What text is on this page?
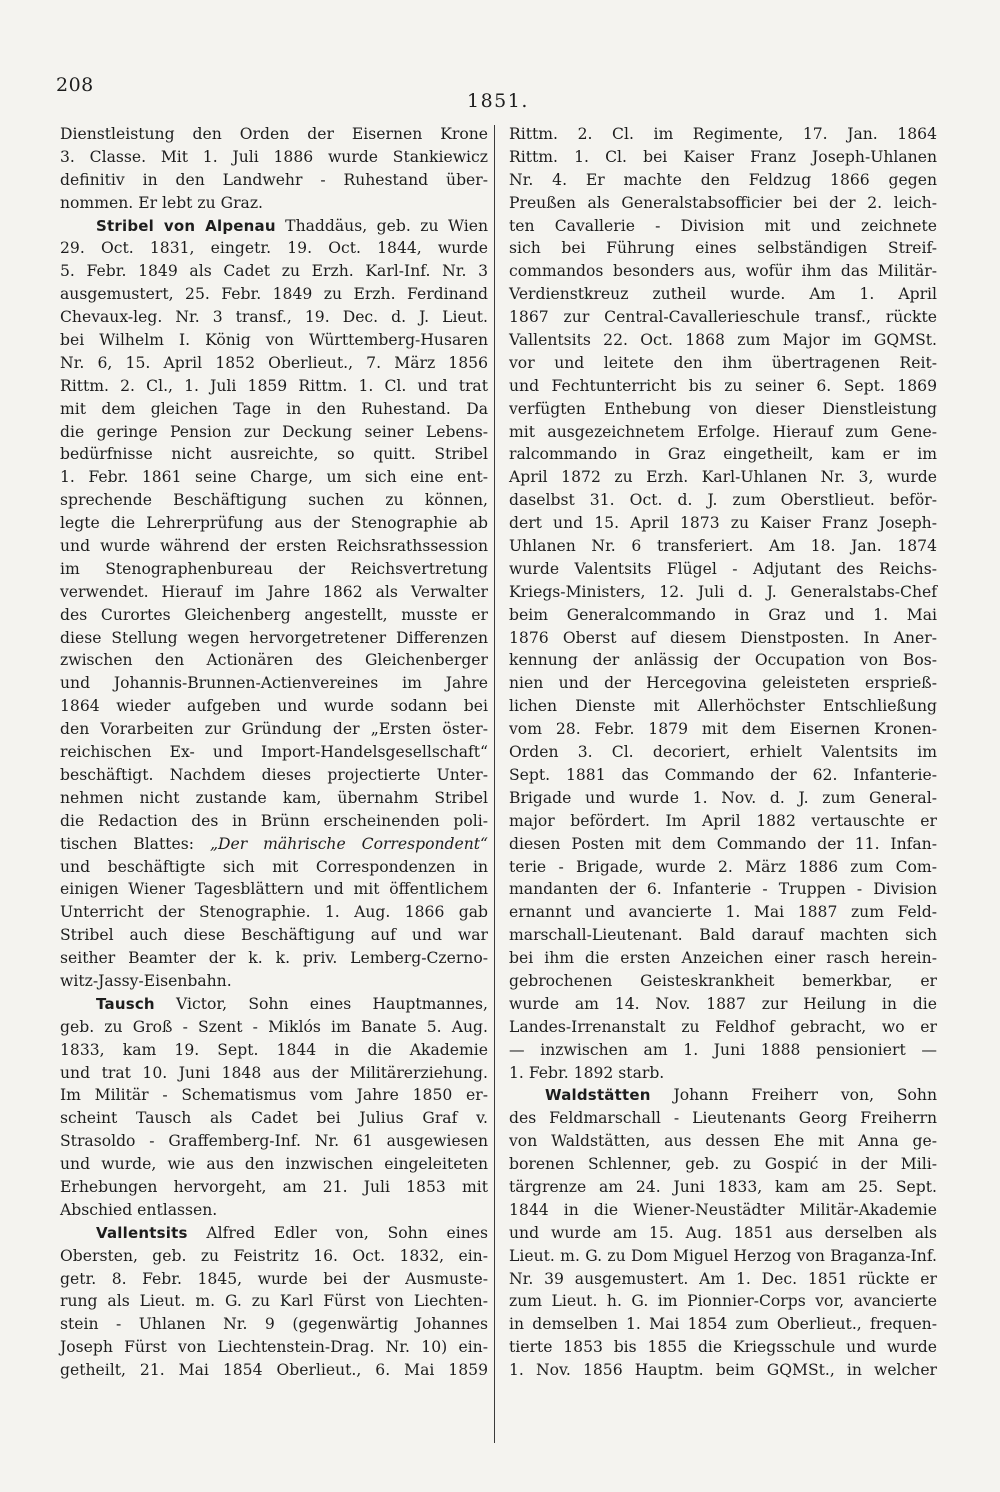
208
1851.
Dienstleistung den Orden der Eisernen Krone
3. Classe. Mit 1. Juli 1886 wurde Stankiewicz
definitiv in den Landwehr - Ruhestand über-
nommen. Er lebt zu Graz.
Stribel von Alpenau Thaddäus, geb. zu Wien
29. Oct. 1831, eingetr. 19. Oct. 1844, wurde
5. Febr. 1849 als Cadet zu Erzh. Karl-Inf. Nr. 3
ausgemustert, 25. Febr. 1849 zu Erzh. Ferdinand
Chevaux-leg. Nr. 3 transf., 19. Dec. d. J. Lieut.
bei Wilhelm I. König von Württemberg-Husaren
Nr. 6, 15. April 1852 Oberlieut., 7. März 1856
Rittm. 2. Cl., 1. Juli 1859 Rittm. 1. Cl. und trat
mit dem gleichen Tage in den Ruhestand. Da
die geringe Pension zur Deckung seiner Lebens-
bedürfnisse nicht ausreichte, so quitt. Stribel
1. Febr. 1861 seine Charge, um sich eine ent-
sprechende Beschäftigung suchen zu können,
legte die Lehrerprüfung aus der Stenographie ab
und wurde während der ersten Reichsrathssession
im Stenographenbureau der Reichsvertretung
verwendet. Hierauf im Jahre 1862 als Verwalter
des Curortes Gleichenberg angestellt, musste er
diese Stellung wegen hervorgetretener Differenzen
zwischen den Actionären des Gleichenberger
und Johannis-Brunnen-Actienvereines im Jahre
1864 wieder aufgeben und wurde sodann bei
den Vorarbeiten zur Gründung der „Ersten öster-
reichischen Ex- und Import-Handelsgesellschaft“
beschäftigt. Nachdem dieses projectierte Unter-
nehmen nicht zustande kam, übernahm Stribel
die Redaction des in Brünn erscheinenden poli-
tischen Blattes: „Der mährische Correspondent“
und beschäftigte sich mit Correspondenzen in
einigen Wiener Tagesblättern und mit öffentlichem
Unterricht der Stenographie. 1. Aug. 1866 gab
Stribel auch diese Beschäftigung auf und war
seither Beamter der k. k. priv. Lemberg-Czerno-
witz-Jassy-Eisenbahn.
Tausch Victor, Sohn eines Hauptmannes,
geb. zu Groß - Szent - Miklós im Banate 5. Aug.
1833, kam 19. Sept. 1844 in die Akademie
und trat 10. Juni 1848 aus der Militärerziehung.
Im Militär - Schematismus vom Jahre 1850 er-
scheint Tausch als Cadet bei Julius Graf v.
Strasoldo - Graffemberg-Inf. Nr. 61 ausgewiesen
und wurde, wie aus den inzwischen eingeleiteten
Erhebungen hervorgeht, am 21. Juli 1853 mit
Abschied entlassen.
Vallentsits Alfred Edler von, Sohn eines
Obersten, geb. zu Feistritz 16. Oct. 1832, ein-
getr. 8. Febr. 1845, wurde bei der Ausmuste-
rung als Lieut. m. G. zu Karl Fürst von Liechten-
stein - Uhlanen Nr. 9 (gegenwärtig Johannes
Joseph Fürst von Liechtenstein-Drag. Nr. 10) ein-
getheilt, 21. Mai 1854 Oberlieut., 6. Mai 1859
Rittm. 2. Cl. im Regimente, 17. Jan. 1864
Rittm. 1. Cl. bei Kaiser Franz Joseph-Uhlanen
Nr. 4. Er machte den Feldzug 1866 gegen
Preußen als Generalstabsofficier bei der 2. leich-
ten Cavallerie - Division mit und zeichnete
sich bei Führung eines selbständigen Streif-
commandos besonders aus, wofür ihm das Militär-
Verdienstkreuz zutheil wurde. Am 1. April
1867 zur Central-Cavallerieschule transf., rückte
Vallentsits 22. Oct. 1868 zum Major im GQMSt.
vor und leitete den ihm übertragenen Reit-
und Fechtunterricht bis zu seiner 6. Sept. 1869
verfügten Enthebung von dieser Dienstleistung
mit ausgezeichnetem Erfolge. Hierauf zum Gene-
ralcommando in Graz eingetheilt, kam er im
April 1872 zu Erzh. Karl-Uhlanen Nr. 3, wurde
daselbst 31. Oct. d. J. zum Oberstlieut. beför-
dert und 15. April 1873 zu Kaiser Franz Joseph-
Uhlanen Nr. 6 transferiert. Am 18. Jan. 1874
wurde Valentsits Flügel - Adjutant des Reichs-
Kriegs-Ministers, 12. Juli d. J. Generalstabs-Chef
beim Generalcommando in Graz und 1. Mai
1876 Oberst auf diesem Dienstposten. In Aner-
kennung der anlässig der Occupation von Bos-
nien und der Hercegovina geleisteten ersprieß-
lichen Dienste mit Allerhöchster Entschließung
vom 28. Febr. 1879 mit dem Eisernen Kronen-
Orden 3. Cl. decoriert, erhielt Valentsits im
Sept. 1881 das Commando der 62. Infanterie-
Brigade und wurde 1. Nov. d. J. zum General-
major befördert. Im April 1882 vertauschte er
diesen Posten mit dem Commando der 11. Infan-
terie - Brigade, wurde 2. März 1886 zum Com-
mandanten der 6. Infanterie - Truppen - Division
ernannt und avancierte 1. Mai 1887 zum Feld-
marschall-Lieutenant. Bald darauf machten sich
bei ihm die ersten Anzeichen einer rasch herein-
gebrochenen Geisteskrankheit bemerkbar, er
wurde am 14. Nov. 1887 zur Heilung in die
Landes-Irrenanstalt zu Feldhof gebracht, wo er
— inzwischen am 1. Juni 1888 pensioniert —
1. Febr. 1892 starb.
Waldstätten Johann Freiherr von, Sohn
des Feldmarschall - Lieutenants Georg Freiherrn
von Waldstätten, aus dessen Ehe mit Anna ge-
borenen Schlenner, geb. zu Gospić in der Mili-
tärgrenze am 24. Juni 1833, kam am 25. Sept.
1844 in die Wiener-Neustädter Militär-Akademie
und wurde am 15. Aug. 1851 aus derselben als
Lieut. m. G. zu Dom Miguel Herzog von Braganza-Inf.
Nr. 39 ausgemustert. Am 1. Dec. 1851 rückte er
zum Lieut. h. G. im Pionnier-Corps vor, avancierte
in demselben 1. Mai 1854 zum Oberlieut., frequen-
tierte 1853 bis 1855 die Kriegsschule und wurde
1. Nov. 1856 Hauptm. beim GQMSt., in welcher
